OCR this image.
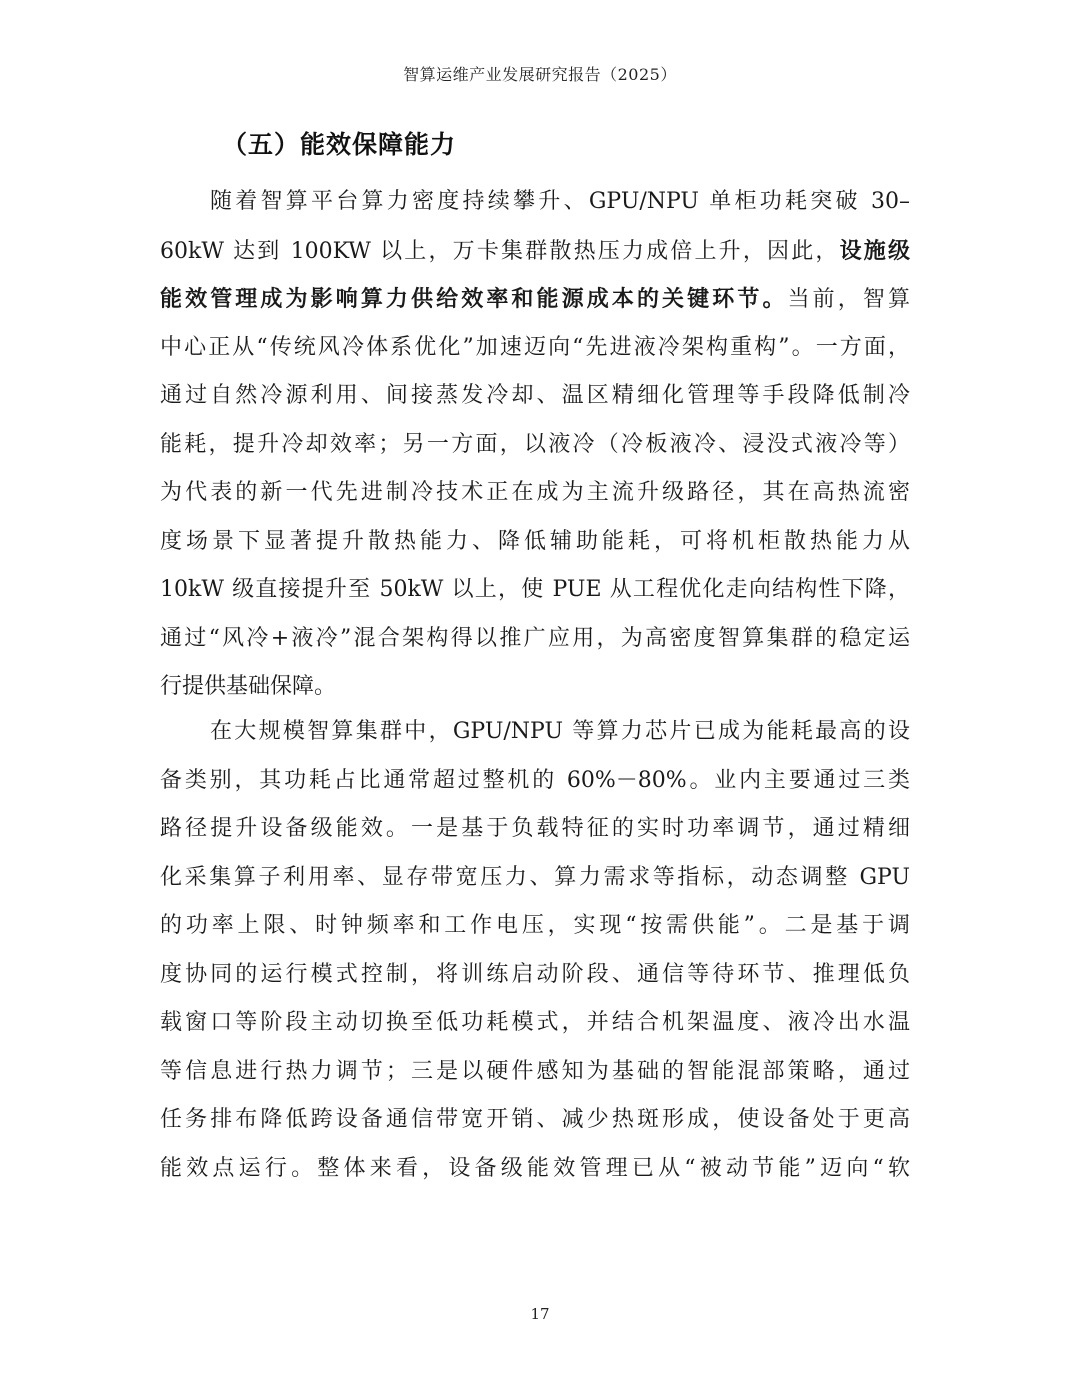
智算运维产业发展研究报告（2025）
（五）能效保障能力
随着智算平台算力密度持续攀升、GPU/NPU 单柜功耗突破 30–
60kW 达到 100KW 以上，万卡集群散热压力成倍上升，因此，设施级
能效管理成为影响算力供给效率和能源成本的关键环节。当前，智算
中心正从“传统风冷体系优化”加速迈向“先进液冷架构重构”。一方面，
通过自然冷源利用、间接蒸发冷却、温区精细化管理等手段降低制冷
能耗，提升冷却效率；另一方面，以液冷（冷板液冷、浸没式液冷等）
为代表的新一代先进制冷技术正在成为主流升级路径，其在高热流密
度场景下显著提升散热能力、降低辅助能耗，可将机柜散热能力从
10kW 级直接提升至 50kW 以上，使 PUE 从工程优化走向结构性下降，
通过“风冷+液冷”混合架构得以推广应用，为高密度智算集群的稳定运
行提供基础保障。
在大规模智算集群中，GPU/NPU 等算力芯片已成为能耗最高的设
备类别，其功耗占比通常超过整机的 60%－80%。业内主要通过三类
路径提升设备级能效。一是基于负载特征的实时功率调节，通过精细
化采集算子利用率、显存带宽压力、算力需求等指标，动态调整 GPU
的功率上限、时钟频率和工作电压，实现“按需供能”。二是基于调
度协同的运行模式控制，将训练启动阶段、通信等待环节、推理低负
载窗口等阶段主动切换至低功耗模式，并结合机架温度、液冷出水温
等信息进行热力调节；三是以硬件感知为基础的智能混部策略，通过
任务排布降低跨设备通信带宽开销、减少热斑形成，使设备处于更高
能效点运行。整体来看，设备级能效管理已从“被动节能”迈向“软
17
